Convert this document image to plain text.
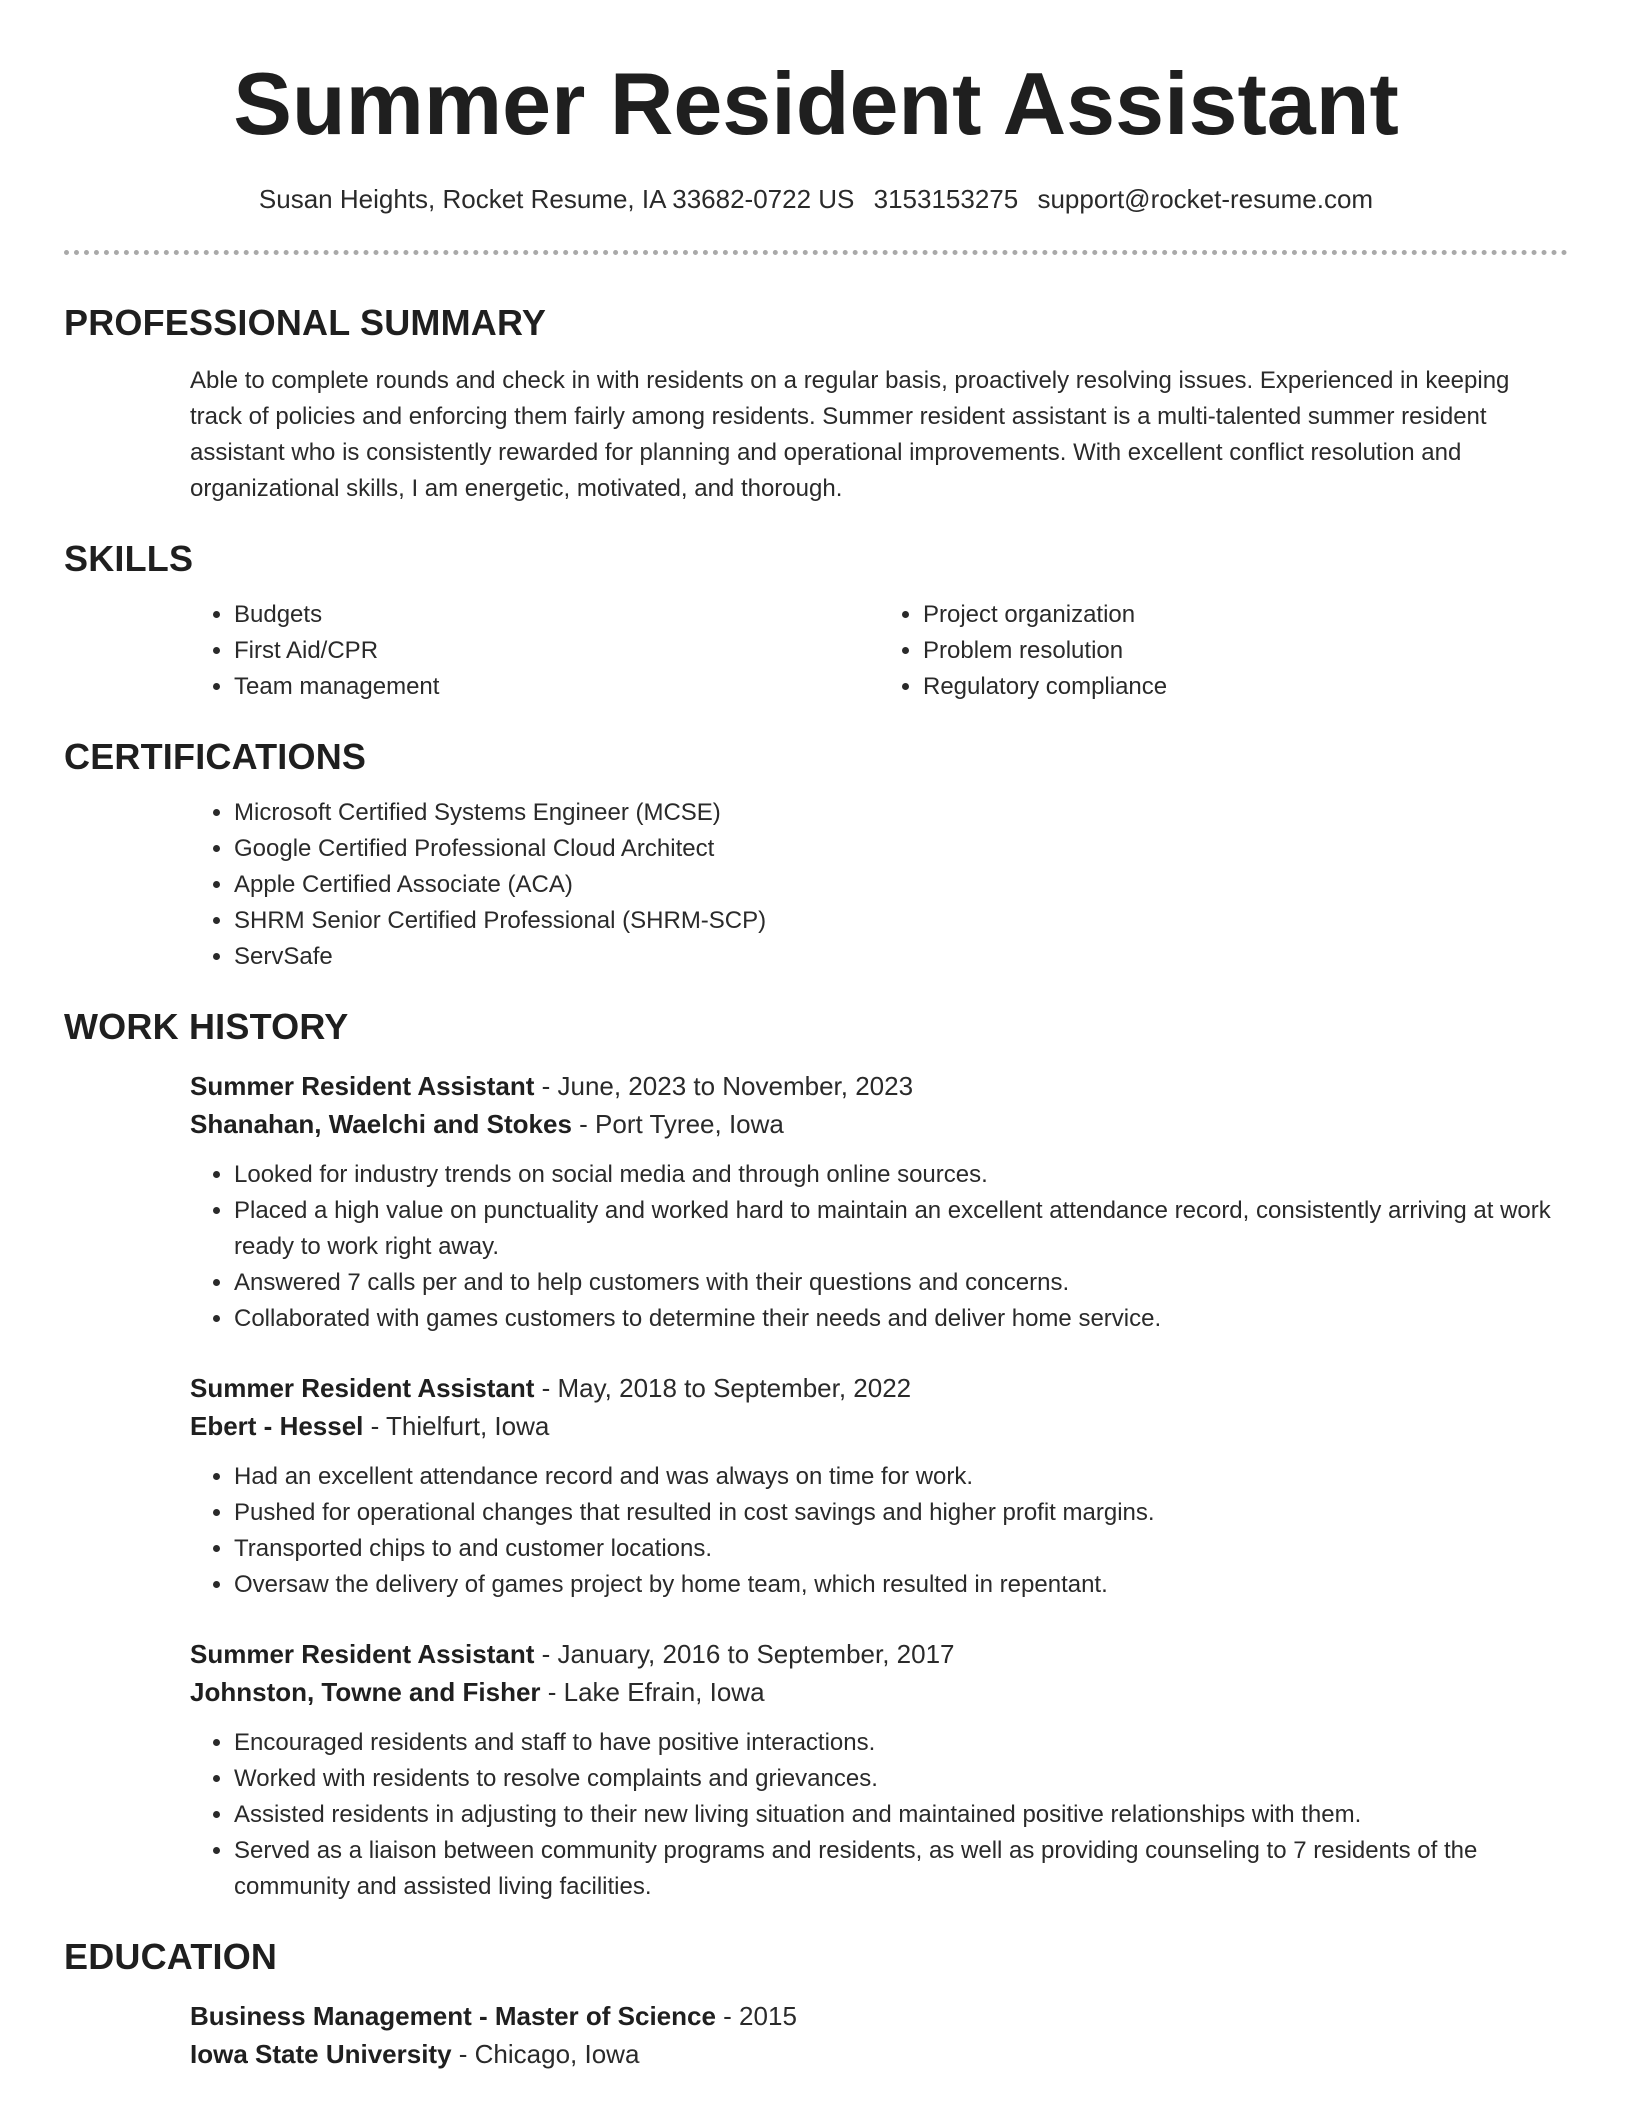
Summer Resident Assistant
Susan Heights, Rocket Resume, IA 33682-0722 US 3153153275 support@rocket-resume.com
PROFESSIONAL SUMMARY

Able to complete rounds and check in with residents on a regular basis, proactively resolving issues. Experienced in keeping track of policies and enforcing them fairly among residents. Summer resident assistant is a multi-talented summer resident assistant who is consistently rewarded for planning and operational improvements. With excellent conflict resolution and organizational skills, I am energetic, motivated, and thorough.

SKILLS
• Budgets
• First Aid/CPR
• Team management
• Project organization
• Problem resolution
• Regulatory compliance
CERTIFICATIONS
• Microsoft Certified Systems Engineer (MCSE)
• Google Certified Professional Cloud Architect
• Apple Certified Associate (ACA)
• SHRM Senior Certified Professional (SHRM-SCP)
• ServSafe
WORK HISTORY
Summer Resident Assistant - June, 2023 to November, 2023
Shanahan, Waelchi and Stokes - Port Tyree, Iowa
• Looked for industry trends on social media and through online sources.
• Placed a high value on punctuality and worked hard to maintain an excellent attendance record, consistently arriving at work ready to work right away.
• Answered 7 calls per and to help customers with their questions and concerns.
• Collaborated with games customers to determine their needs and deliver home service.
Summer Resident Assistant - May, 2018 to September, 2022
Ebert - Hessel - Thielfurt, Iowa
• Had an excellent attendance record and was always on time for work.
• Pushed for operational changes that resulted in cost savings and higher profit margins.
• Transported chips to and customer locations.
• Oversaw the delivery of games project by home team, which resulted in repentant.
Summer Resident Assistant - January, 2016 to September, 2017
Johnston, Towne and Fisher - Lake Efrain, Iowa
• Encouraged residents and staff to have positive interactions.
• Worked with residents to resolve complaints and grievances.
• Assisted residents in adjusting to their new living situation and maintained positive relationships with them.
• Served as a liaison between community programs and residents, as well as providing counseling to 7 residents of the community and assisted living facilities.
EDUCATION
Business Management - Master of Science - 2015
Iowa State University - Chicago, Iowa
